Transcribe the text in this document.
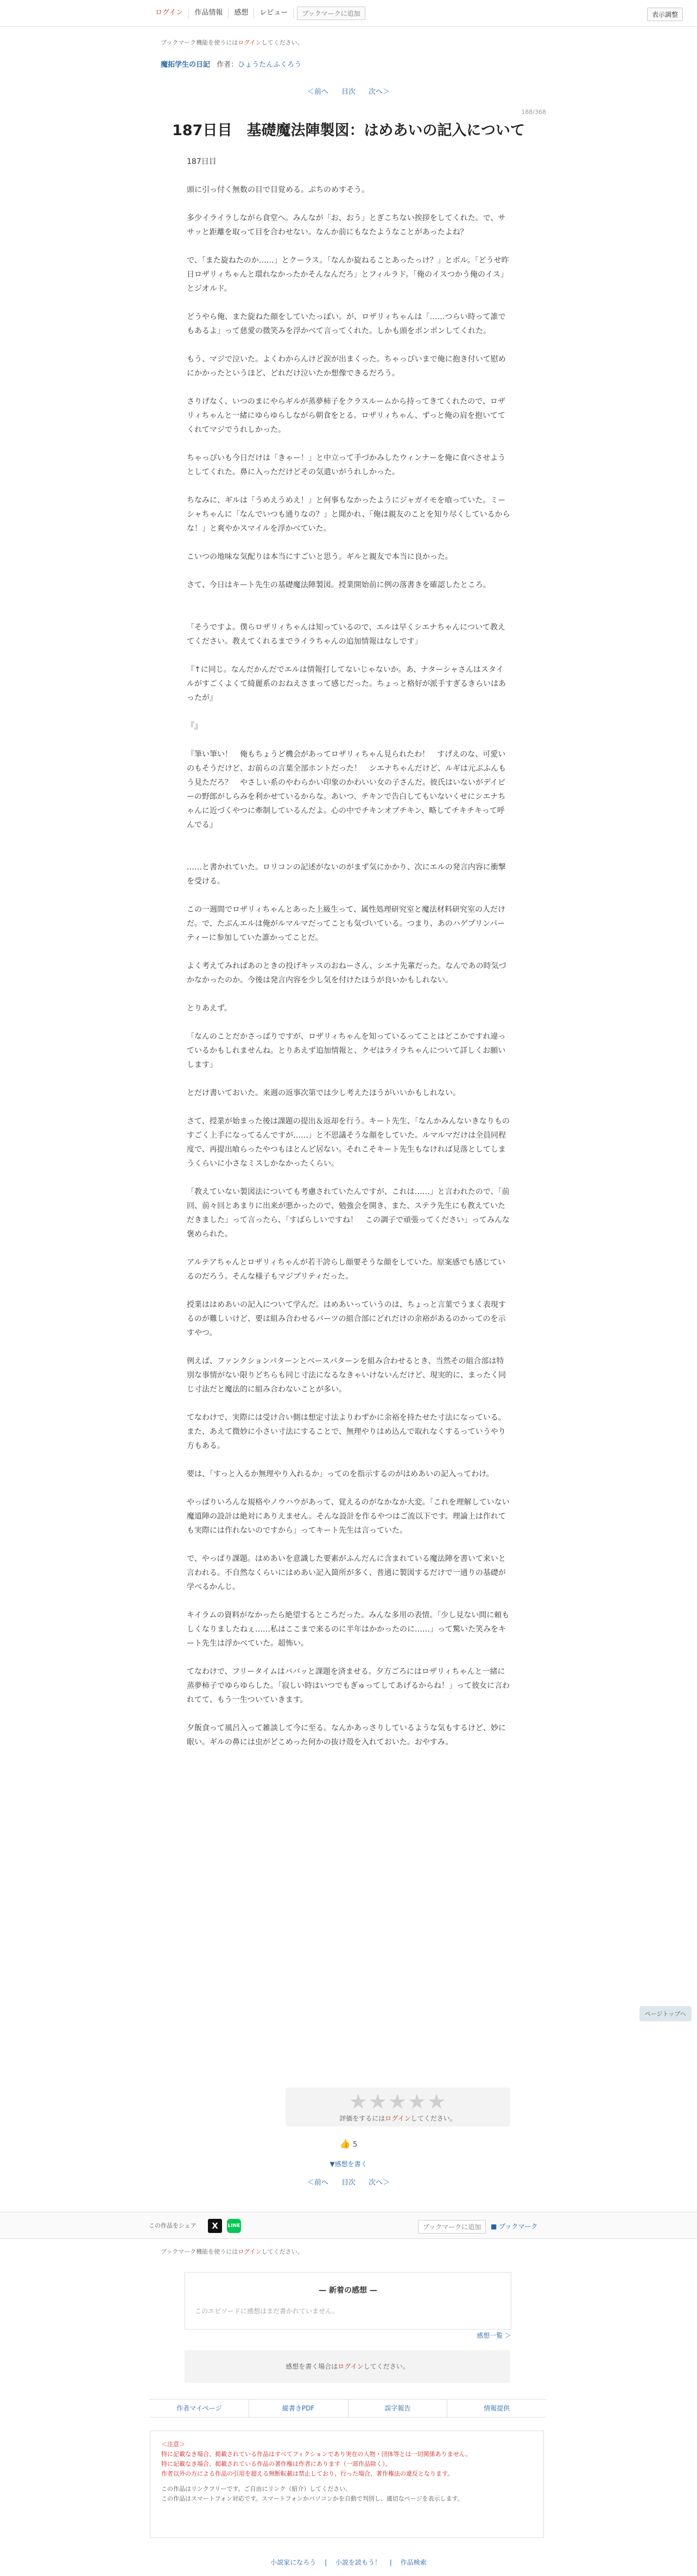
ログイン	作品情報	感想	レビュー	ブックマークに追加	表示調整
ブックマーク機能を使うにはログインしてください。
魔拓学生の日記 作者：ひょうたんふくろう
＜前へ 目次 次へ＞
188/368
187日目　基礎魔法陣製図：はめあいの記入について

187日目

頭に引っ付く無数の目で目覚める。ぷちのめすそう。

多少イライラしながら食堂へ。みんなが「お、おう」とぎこちない挨拶をしてくれた。で、ササッと距離を取って目を合わせない。なんか前にもなたようなことがあったよね？

で、「また旋ねたのか……」とクーラス。「なんか旋ねることあったっけ？」とポル。「どうせ昨日ロザリィちゃんと環れなかったかそんなんだろ」とフィルラド。「俺のイスつかう俺のイス」とジオルド。

どうやら俺、また旋ねた顔をしていたっぽい。が、ロザリィちゃんは「……つらい時って誰でもあるよ」って慈愛の微笑みを浮かべて言ってくれた。しかも頭をポンポンしてくれた。

もう、マジで泣いた。よくわからんけど涙が出まくった。ちゃっぴいまで俺に抱き付いて慰めにかかったというほど、どれだけ泣いたか想像できるだろう。

さりげなく、いつのまにやらギルが蒸夢柿子をクラスルームから持ってきてくれたので、ロザリィちゃんと一緒にゆらゆらしながら朝食をとる。ロザリィちゃん、ずっと俺の肩を抱いててくれてマジでうれしかった。

ちゃっぴいも今日だけは「きゃー！」と中立って手づかみしたウィンナーを俺に食べさせようとしてくれた。鼻に入っただけどその気遣いがうれしかった。

ちなみに、ギルは「うめえうめえ！」と何事もなかったようにジャガイモを喰っていた。ミーシャちゃんに「なんでいつも通りなの？」と聞かれ、「俺は親友のことを知り尽くしているからな！」と爽やかスマイルを浮かべていた。

こいつの地味な気配りは本当にすごいと思う。ギルと親友で本当に良かった。

さて、今日はキート先生の基礎魔法陣製図。授業開始前に例の落書きを確認したところ。

「そうですよ。僕らロザリィちゃんは知っているので、エルは早くシエナちゃんについて教えてください。教えてくれるまでライラちゃんの追加情報はなしです」

『↑に同じ。なんだかんだでエルは情報打してないじゃないか。あ、ナターシャさんはスタイルがすごくよくて綺麗系のおねえさまって感じだった。ちょっと格好が派手すぎるきらいはあったが』

『』

『筆い筆い！　俺もちょうど機会があってロザリィちゃん見られたわ！　すげえのな、可愛いのもそうだけど、お前らの言葉全部ホントだった！　シエナちゃんだけど、ルギは元ぶふんもう見ただろ？　やさしい系のやわらかい印象のかわいい女の子さんだ。彼氏はいないがデイビーの野郎がしらみを利かせているからな。あいつ、チキンで告白してもいないくせにシエナちゃんに近づくやつに牽制しているんだよ。心の中でチキンオブチキン、略してチキチキって呼んでる』

……と書かれていた。ロリコンの記述がないのがまず気にかかり、次にエルの発言内容に衝撃を受ける。

この一週間でロザリィちゃんとあった上級生って、属性処理研究室と魔法材料研究室の人だけだ。で、たぶんエルは俺がルマルマだってことも気づいている。つまり、あのハゲプリンパーティーに参加していた誰かってことだ。

よく考えてみればあのときの投げキッスのおねーさん、シエナ先輩だった。なんであの時気づかなかったのか。今後は発言内容を少し気を付けたほうが良いかもしれない。

とりあえず。

「なんのことだかさっぱりですが、ロザリィちゃんを知っているってことはどこかですれ違っているかもしれませんね。とりあえず追加情報と、クゼはライラちゃんについて詳しくお願いします」

とだけ書いておいた。来週の返事次第では少し考えたほうがいいかもしれない。

さて、授業が始まった後は課題の提出＆返却を行う。キート先生、「なんかみんないきなりものすごく上手になってるんですが……」と不思議そうな顔をしていた。ルマルマだけは全員同程度で、再提出喰らったやつもほとんど居ない。それこそキート先生もなければ見落としてしまうくらいに小さなミスしかなかったくらい。

「教えていない製図法についても考慮されていたんですが、これは……」と言われたので、「前回、前々回とあまりに出来が悪かったので、勉強会を開き、また、ステラ先生にも教えていただきました」って言ったら、「すばらしいですね！　この調子で頑張ってください」ってみんな褒められた。

アルテアちゃんとロザリィちゃんが若干誇らし顔要そうな顔をしていた。原案感でも感じているのだろう。そんな様子もマジプリティだった。

授業ははめあいの記入について学んだ。はめあいっていうのは、ちょっと言葉でうまく表現するのが難しいけど、要は組み合わせるパーツの組合部にどれだけの余裕があるのかってのを示すやつ。

例えば、ファンクションパターンとベースパターンを組み合わせるとき、当然その組合部は特別な事情がない限りどちらも同じ寸法になるなきゃいけないんだけど、現実的に、まったく同じ寸法だと魔法的に組み合わないことが多い。

てなわけで、実際には受け合い側は想定寸法よりわずかに余裕を持たせた寸法になっている。また、あえて微妙に小さい寸法にすることで、無理やりはめ込んで取れなくするっていうやり方もある。

要は、「すっと入るか無理やり入れるか」ってのを指示するのがはめあいの記入ってわけ。

やっぱりいろんな規格やノウハウがあって、覚えるのがなかなか大変。「これを理解していない魔道陣の設計は絶対にありえません。そんな設計を作るやつはご流以下です。理論上は作れても実際には作れないのですから」ってキート先生は言っていた。

で、やっぱり課題。はめあいを意識した要素がふんだんに含まれている魔法陣を書いて来いと言われる。不自然なくらいにはめあい記入箇所が多く、普通に製図するだけで一通りの基礎が学べるかんじ。

キイラムの資料がなかったら絶望するところだった。みんな多用の表情。「少し見ない間に頼もしくなりましたねぇ……私はここまで来るのに半年はかかったのに……」って驚いた笑みをキート先生は浮かべていた。超怖い。

てなわけで、フリータイムはババッと課題を済ませる。夕方ごろにはロザリィちゃんと一緒に蒸夢柿子でゆらゆらした。「寂しい時はいつでもぎゅってしてあげるからね！」って彼女に言われてて、もう一生ついていきます。

夕飯食って風呂入って雑談して今に至る。なんかあっさりしているような気もするけど、妙に眠い。ギルの鼻には虫がどこめった何かの抜け殻を入れておいた。おやすみ。

ページトップへ
★★★★★
評価をするにはログインしてください。
👍 5
▼感想を書く
＜前へ 目次 次へ＞
この作品をシェア	X	LINE	ブックマークに追加	■ ブックマーク
ブックマーク機能を使うにはログインしてください。
— 新着の感想 —
このエピソードに感想はまだ書かれていません。
感想一覧 ＞
感想を書く場合はログインしてください。
作者マイページ	縦書きPDF	誤字報告	情報提供
＜注意＞
特に記載なき場合、掲載されている作品はすべてフィクションであり実在の人物・団体等とは一切関係ありません。
特に記載なき場合、掲載されている作品の著作権は作者にあります（一部作品除く）。
作者以外の方による作品の引用を超える無断転載は禁止しており、行った場合、著作権法の違反となります。
この作品はリンクフリーです。ご自由にリンク（紹介）してください。
この作品はスマートフォン対応です。スマートフォンかパソコンかを自動で判別し、適切なページを表示します。
小説家になろう | 小説を読もう！ | 作品検索
